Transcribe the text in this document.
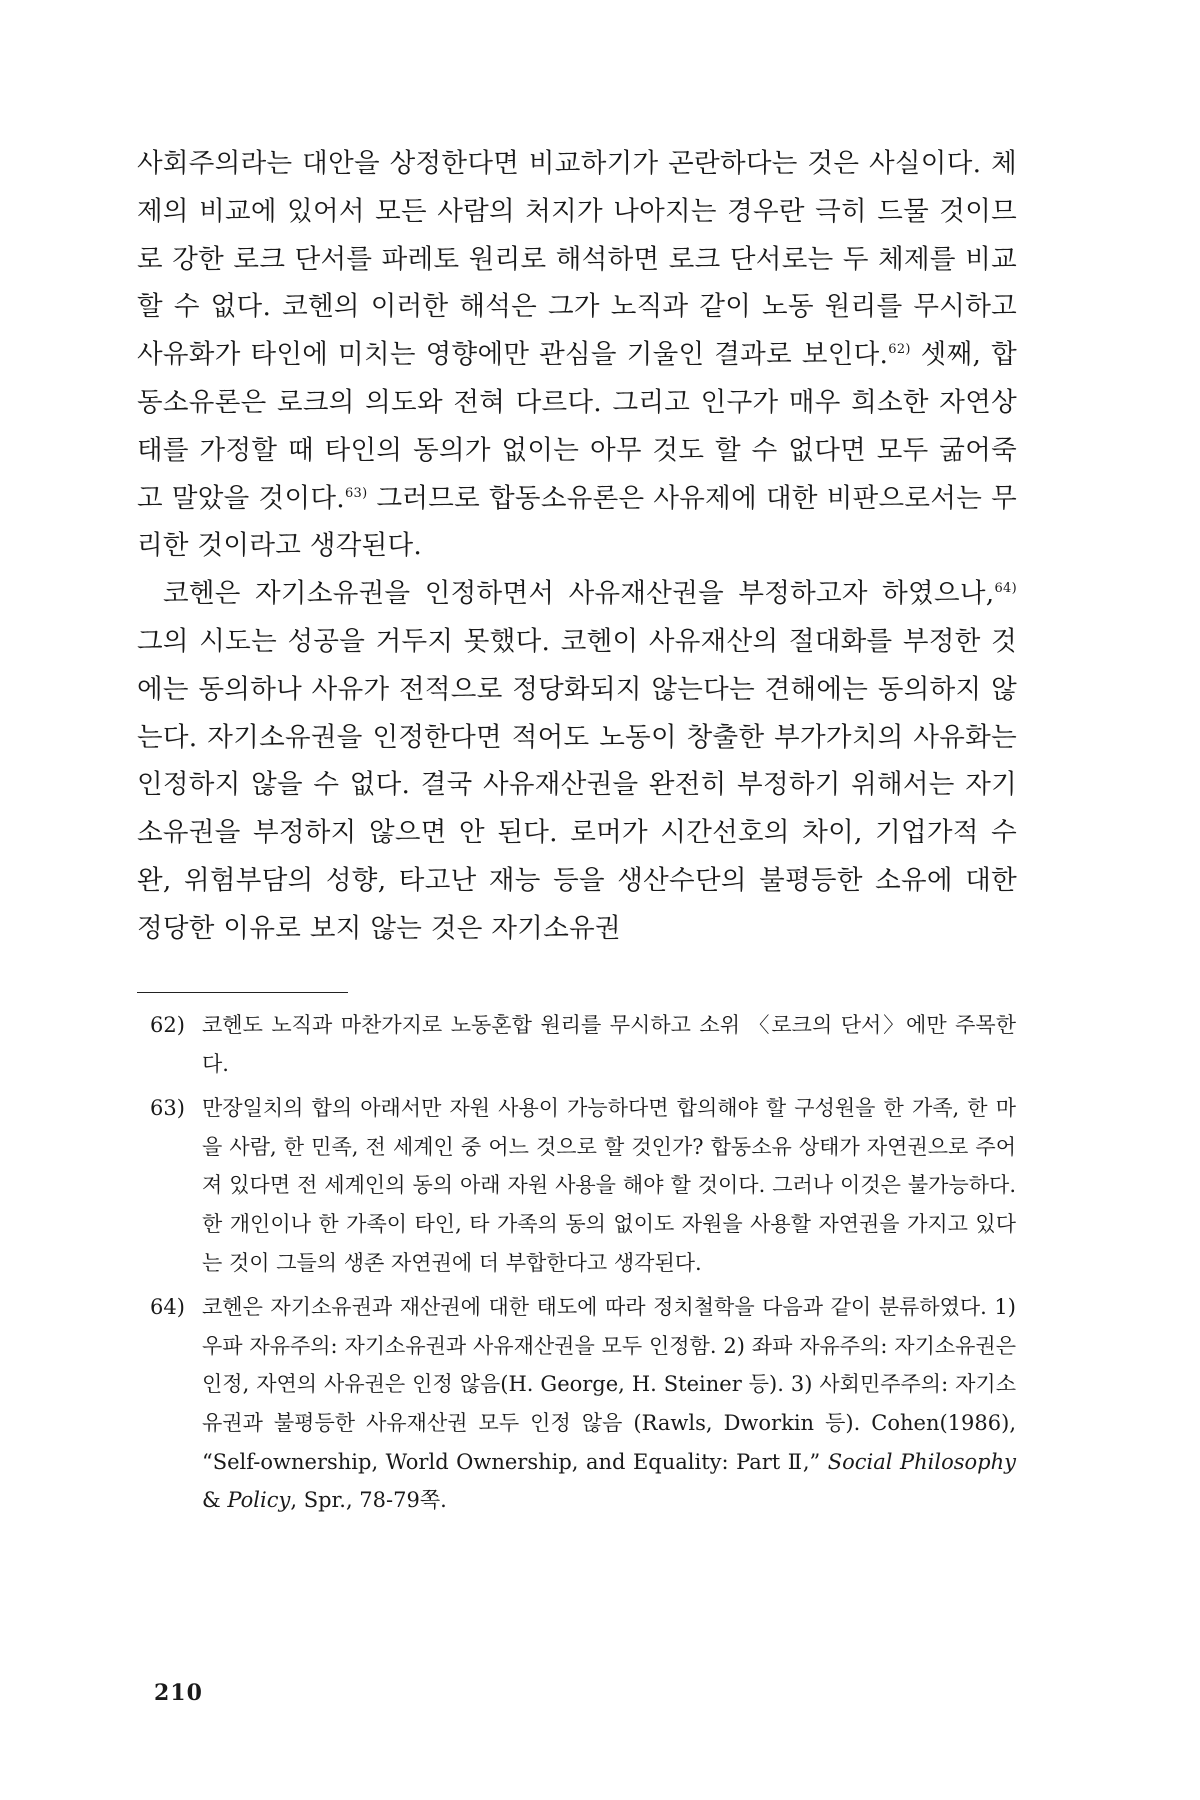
사회주의라는 대안을 상정한다면 비교하기가 곤란하다는 것은 사실이다. 체제의 비교에 있어서 모든 사람의 처지가 나아지는 경우란 극히 드물 것이므로 강한 로크 단서를 파레토 원리로 해석하면 로크 단서로는 두 체제를 비교할 수 없다. 코헨의 이러한 해석은 그가 노직과 같이 노동 원리를 무시하고 사유화가 타인에 미치는 영향에만 관심을 기울인 결과로 보인다.$^{62)}$ 셋째, 합동소유론은 로크의 의도와 전혀 다르다. 그리고 인구가 매우 희소한 자연상태를 가정할 때 타인의 동의가 없이는 아무 것도 할 수 없다면 모두 굶어죽고 말았을 것이다.$^{63)}$ 그러므로 합동소유론은 사유제에 대한 비판으로서는 무리한 것이라고 생각된다.

코헨은 자기소유권을 인정하면서 사유재산권을 부정하고자 하였으나,$^{64)}$ 그의 시도는 성공을 거두지 못했다. 코헨이 사유재산의 절대화를 부정한 것에는 동의하나 사유가 전적으로 정당화되지 않는다는 견해에는 동의하지 않는다. 자기소유권을 인정한다면 적어도 노동이 창출한 부가가치의 사유화는 인정하지 않을 수 없다. 결국 사유재산권을 완전히 부정하기 위해서는 자기소유권을 부정하지 않으면 안 된다. 로머가 시간선호의 차이, 기업가적 수완, 위험부담의 성향, 타고난 재능 등을 생산수단의 불평등한 소유에 대한 정당한 이유로 보지 않는 것은 자기소유권

62) 코헨도 노직과 마찬가지로 노동혼합 원리를 무시하고 소위 〈로크의 단서〉에만 주목한다.
63) 만장일치의 합의 아래서만 자원 사용이 가능하다면 합의해야 할 구성원을 한 가족, 한 마을 사람, 한 민족, 전 세계인 중 어느 것으로 할 것인가? 합동소유 상태가 자연권으로 주어져 있다면 전 세계인의 동의 아래 자원 사용을 해야 할 것이다. 그러나 이것은 불가능하다. 한 개인이나 한 가족이 타인, 타 가족의 동의 없이도 자원을 사용할 자연권을 가지고 있다는 것이 그들의 생존 자연권에 더 부합한다고 생각된다.
64) 코헨은 자기소유권과 재산권에 대한 태도에 따라 정치철학을 다음과 같이 분류하였다. 1) 우파 자유주의: 자기소유권과 사유재산권을 모두 인정함. 2) 좌파 자유주의: 자기소유권은 인정, 자연의 사유권은 인정 않음(H. George, H. Steiner 등). 3) 사회민주주의: 자기소유권과 불평등한 사유재산권 모두 인정 않음 (Rawls, Dworkin 등). Cohen(1986), “Self-ownership, World Ownership, and Equality: Part Ⅱ,” Social Philosophy & Policy, Spr., 78-79쪽.
210
